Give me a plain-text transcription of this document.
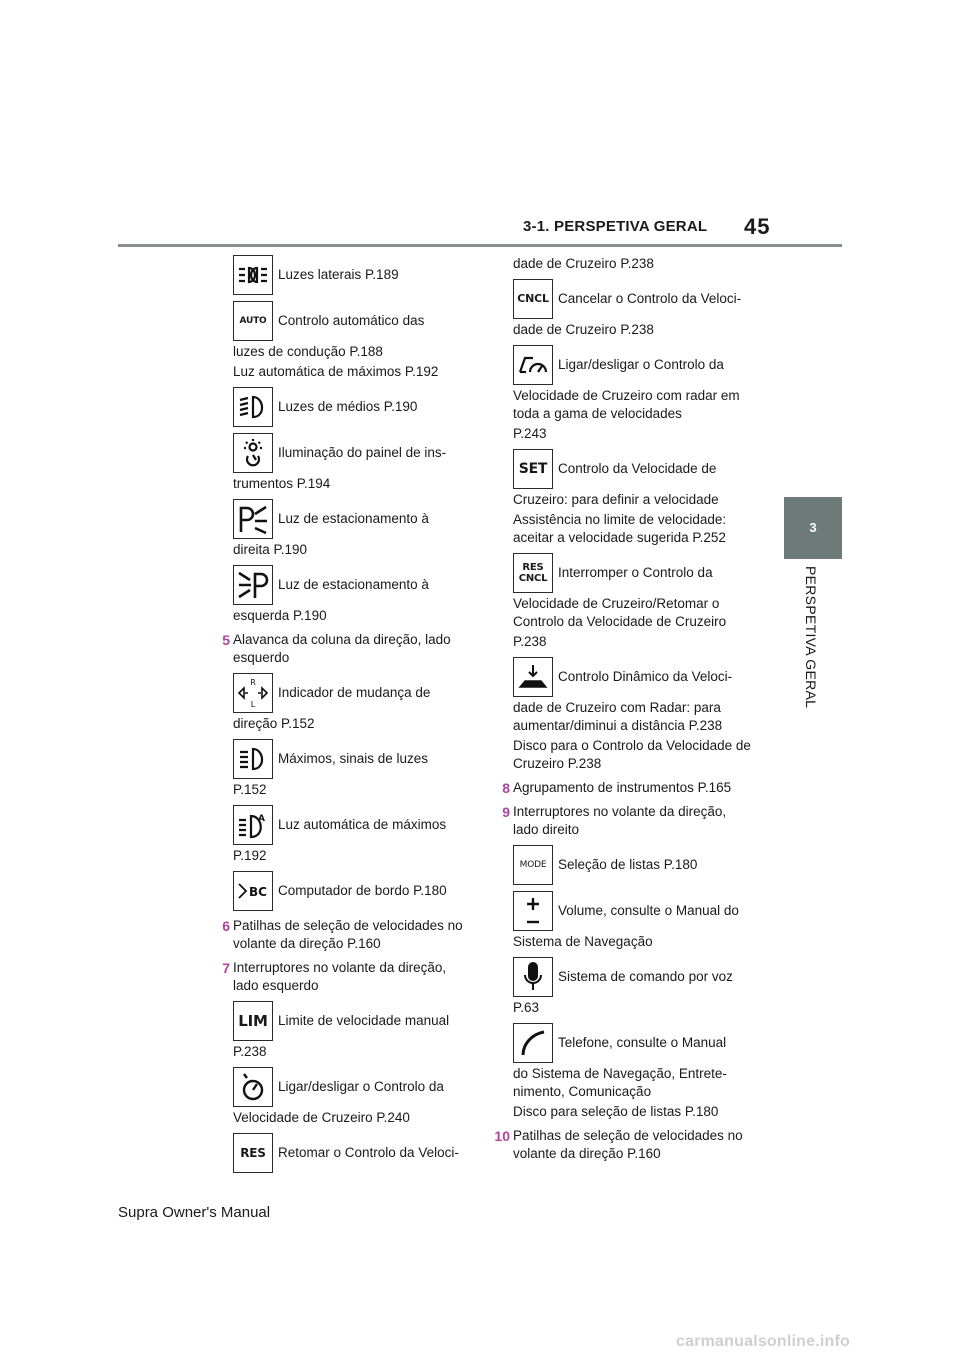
3-1. PERSPETIVA GERAL 45
3
PERSPETIVA GERAL
Luzes laterais P.189
AUTO Controlo automático das
luzes de condução P.188
Luz automática de máximos P.192
Luzes de médios P.190
Iluminação do painel de ins-
trumentos P.194
Luz de estacionamento à
direita P.190
Luz de estacionamento à
esquerda P.190
5 Alavanca da coluna da direção, lado esquerdo
R
L
Indicador de mudança de
direção P.152
Máximos, sinais de luzes
P.152
A Luz automática de máximos
P.192
BC Computador de bordo P.180
6 Patilhas de seleção de velocidades no volante da direção P.160
7 Interruptores no volante da direção, lado esquerdo
LIM Limite de velocidade manual
P.238
Ligar/desligar o Controlo da
Velocidade de Cruzeiro P.240
RES Retomar o Controlo da Veloci-
dade de Cruzeiro P.238
CNCL Cancelar o Controlo da Veloci-
dade de Cruzeiro P.238
Ligar/desligar o Controlo da
Velocidade de Cruzeiro com radar em toda a gama de velocidades
P.243
SET Controlo da Velocidade de
Cruzeiro: para definir a velocidade
Assistência no limite de velocidade: aceitar a velocidade sugerida P.252
RES
CNCL Interromper o Controlo da
Velocidade de Cruzeiro/Retomar o Controlo da Velocidade de Cruzeiro
P.238
Controlo Dinâmico da Veloci-
dade de Cruzeiro com Radar: para aumentar/diminui a distância P.238
Disco para o Controlo da Velocidade de Cruzeiro P.238
8 Agrupamento de instrumentos P.165
9 Interruptores no volante da direção, lado direito
MODE Seleção de listas P.180
Volume, consulte o Manual do
Sistema de Navegação
Sistema de comando por voz
P.63
Telefone, consulte o Manual
do Sistema de Navegação, Entrete-nimento, Comunicação
Disco para seleção de listas P.180
10 Patilhas de seleção de velocidades no volante da direção P.160
Supra Owner's Manual
carmanualsonline.info
